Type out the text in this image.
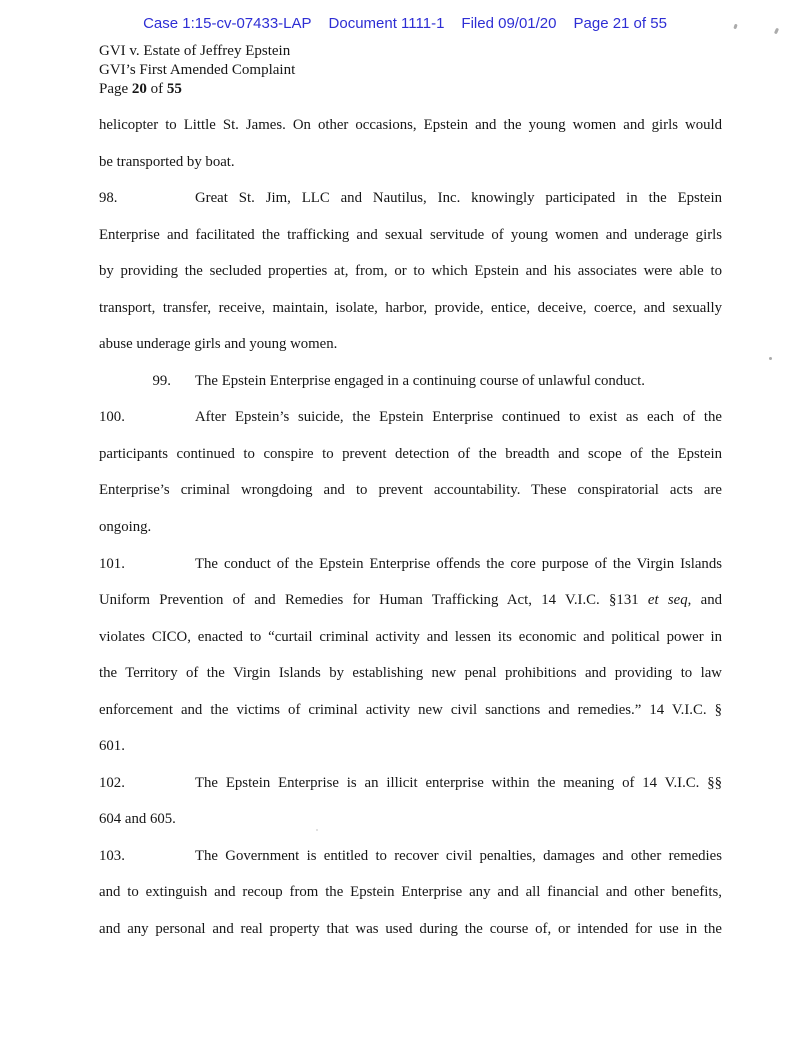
Case 1:15-cv-07433-LAP Document 1111-1 Filed 09/01/20 Page 21 of 55
GVI v. Estate of Jeffrey Epstein
GVI’s First Amended Complaint
Page 20 of 55
helicopter to Little St. James. On other occasions, Epstein and the young women and girls would
be transported by boat.
98.	Great St. Jim, LLC and Nautilus, Inc. knowingly participated in the Epstein
Enterprise and facilitated the trafficking and sexual servitude of young women and underage girls
by providing the secluded properties at, from, or to which Epstein and his associates were able to
transport, transfer, receive, maintain, isolate, harbor, provide, entice, deceive, coerce, and sexually
abuse underage girls and young women.
99. The Epstein Enterprise engaged in a continuing course of unlawful conduct.
100.	After Epstein’s suicide, the Epstein Enterprise continued to exist as each of the
participants continued to conspire to prevent detection of the breadth and scope of the Epstein
Enterprise’s criminal wrongdoing and to prevent accountability. These conspiratorial acts are
ongoing.
101.	The conduct of the Epstein Enterprise offends the core purpose of the Virgin Islands
Uniform Prevention of and Remedies for Human Trafficking Act, 14 V.I.C. §131 et seq, and
violates CICO, enacted to “curtail criminal activity and lessen its economic and political power in
the Territory of the Virgin Islands by establishing new penal prohibitions and providing to law
enforcement and the victims of criminal activity new civil sanctions and remedies.” 14 V.I.C. §
601.
102.	The Epstein Enterprise is an illicit enterprise within the meaning of 14 V.I.C. §§
604 and 605.
103.	The Government is entitled to recover civil penalties, damages and other remedies
and to extinguish and recoup from the Epstein Enterprise any and all financial and other benefits,
and any personal and real property that was used during the course of, or intended for use in the
